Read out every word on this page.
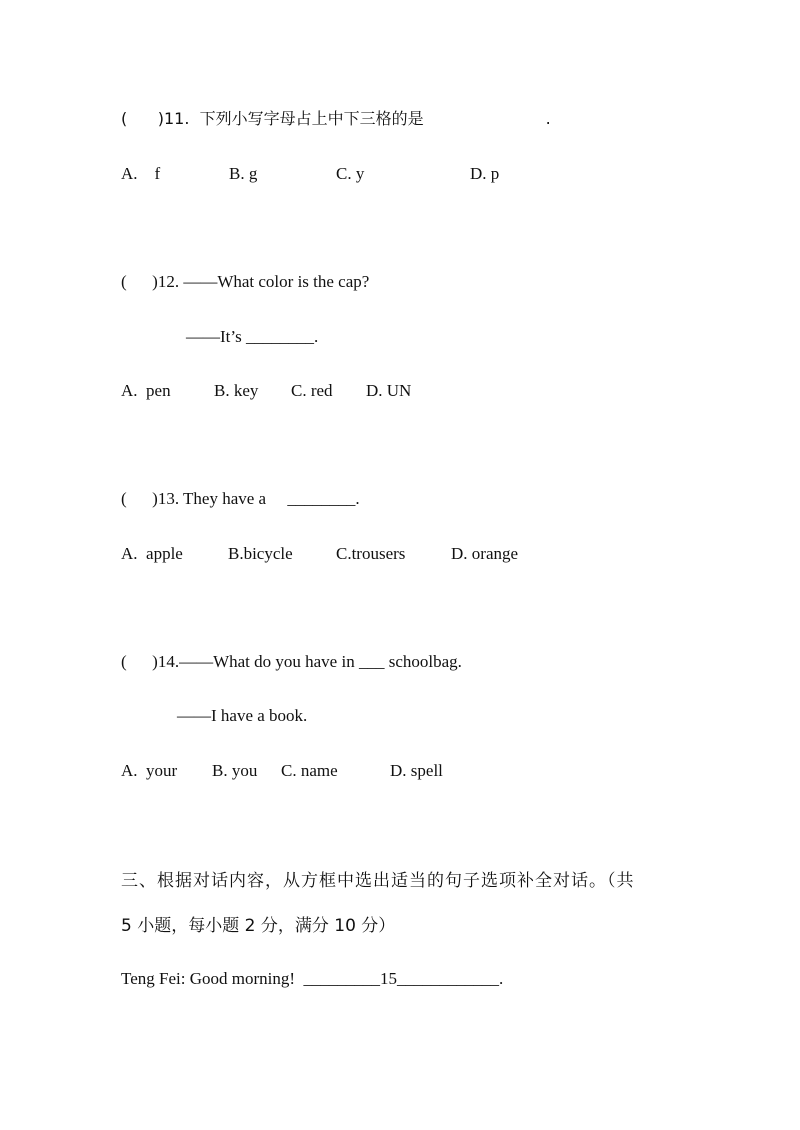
(      )11.  下列小写字母占上中下三格的是                        .
A.    f	B. g	C. y	D. p
(      )12. ——What color is the cap?
——It’s ________.
A.  pen	B. key C. red D. UN
(      )13. They have a     ________.
A.  apple	B.bicycle	C.trousers	D. orange
(      )14.——What do you have in ___ schoolbag.
——I have a book.
A.  your B. you C. name	D. spell
三、根据对话内容，从方框中选出适当的句子选项补全对话。（共
5 小题，每小题 2 分，满分 10 分）
Teng Fei: Good morning!  _________15____________.
